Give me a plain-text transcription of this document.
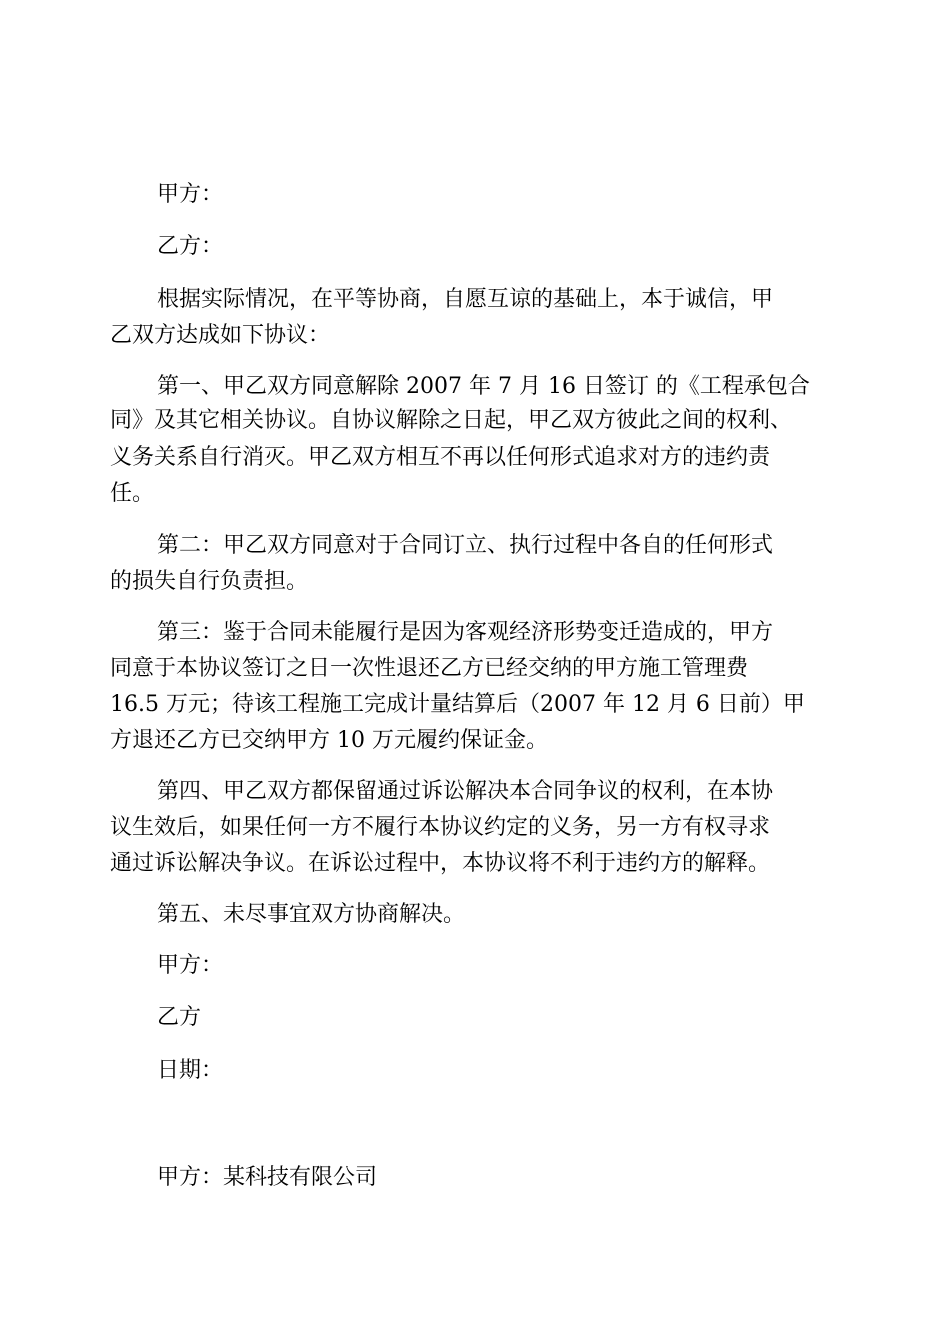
甲方：
乙方：
根据实际情况，在平等协商，自愿互谅的基础上，本于诚信，甲
乙双方达成如下协议：
第一、甲乙双方同意解除 2007 年 7 月 16 日签订 的《工程承包合
同》及其它相关协议。自协议解除之日起，甲乙双方彼此之间的权利、
义务关系自行消灭。甲乙双方相互不再以任何形式追求对方的违约责
任。
第二：甲乙双方同意对于合同订立、执行过程中各自的任何形式
的损失自行负责担。
第三：鉴于合同未能履行是因为客观经济形势变迁造成的，甲方
同意于本协议签订之日一次性退还乙方已经交纳的甲方施工管理费
16.5 万元；待该工程施工完成计量结算后（2007 年 12 月 6 日前）甲
方退还乙方已交纳甲方 10 万元履约保证金。
第四、甲乙双方都保留通过诉讼解决本合同争议的权利，在本协
议生效后，如果任何一方不履行本协议约定的义务，另一方有权寻求
通过诉讼解决争议。在诉讼过程中，本协议将不利于违约方的解释。
第五、未尽事宜双方协商解决。
甲方：
乙方
日期：
甲方：某科技有限公司
